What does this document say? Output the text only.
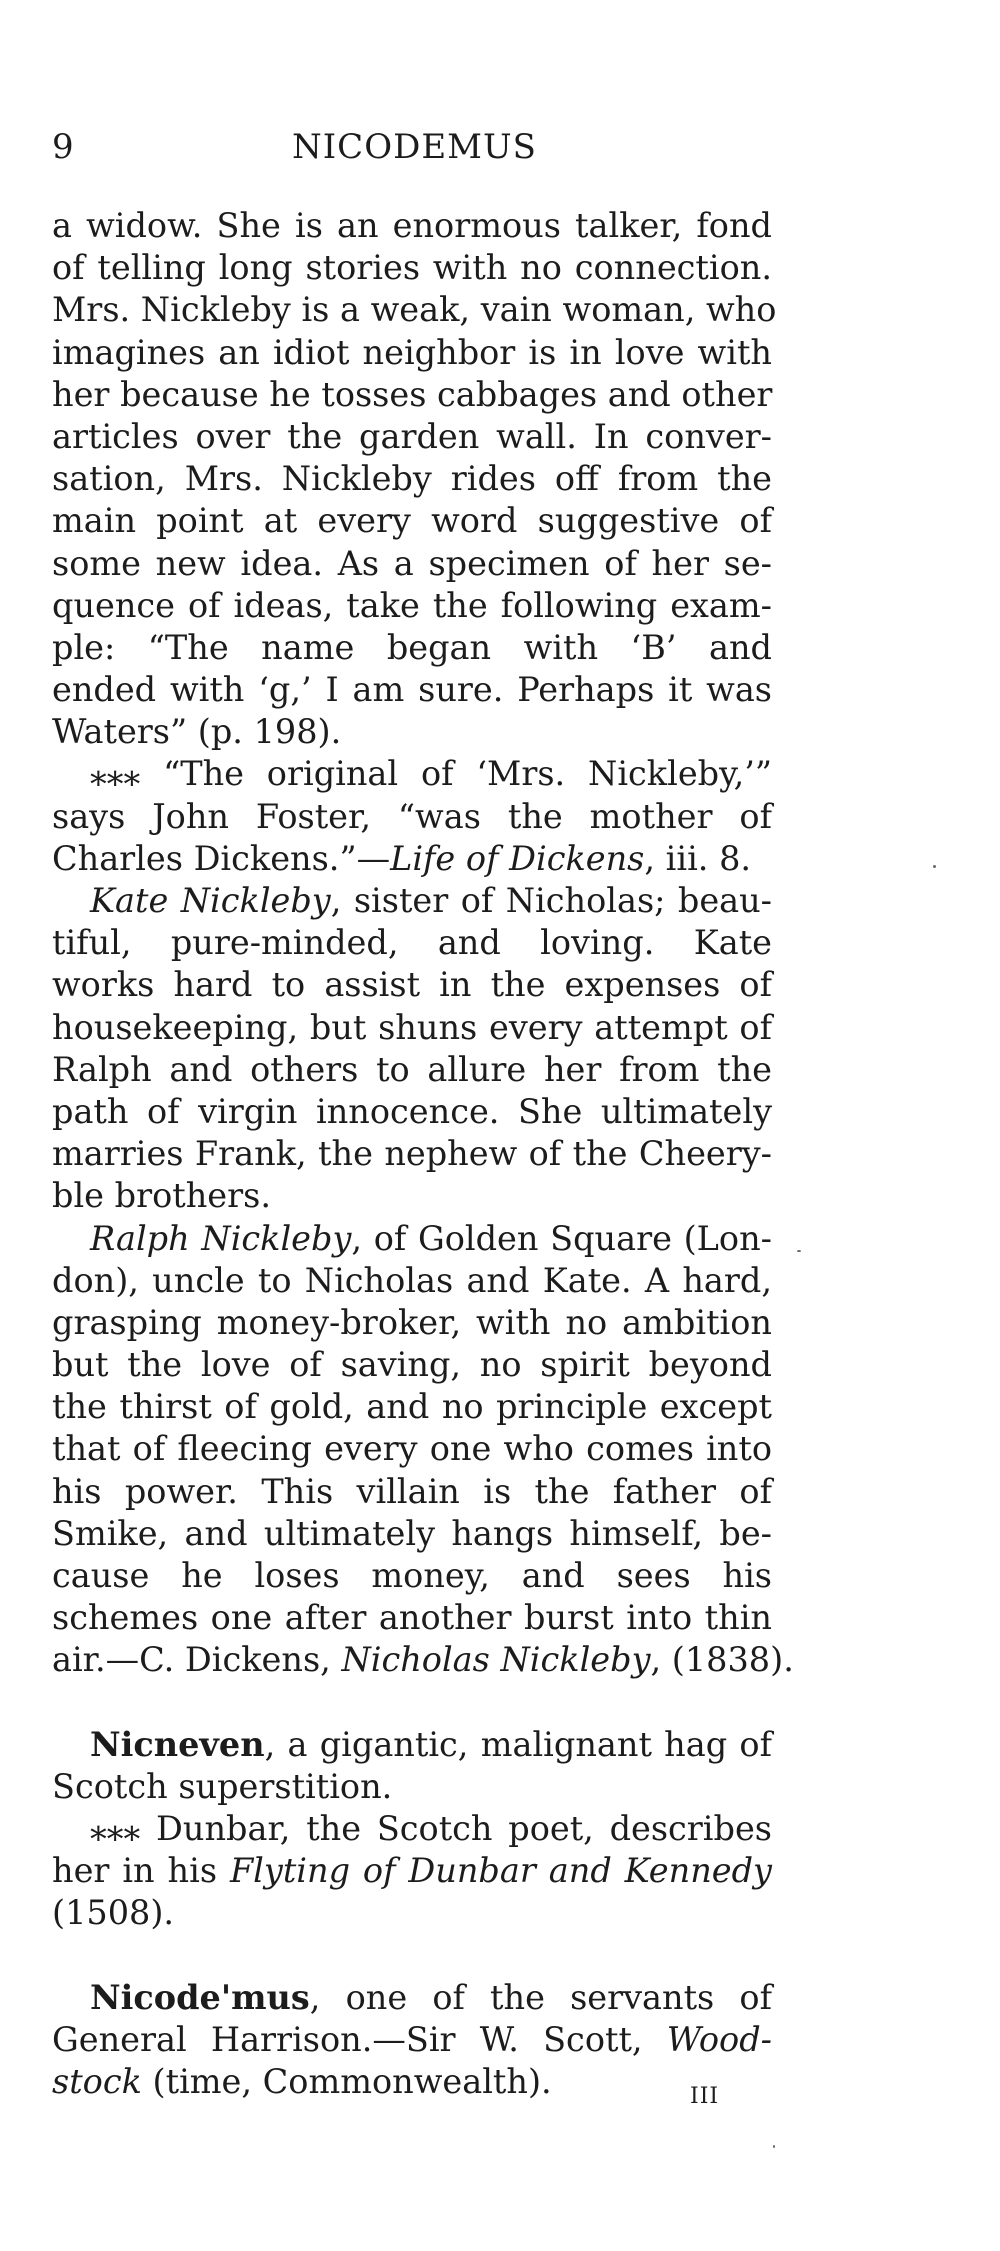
9	NICODEMUS
a widow. She is an enormous talker, fond
of telling long stories with no connection.
Mrs. Nickleby is a weak, vain woman, who
imagines an idiot neighbor is in love with
her because he tosses cabbages and other
articles over the garden wall. In conver-
sation, Mrs. Nickleby rides off from the
main point at every word suggestive of
some new idea. As a specimen of her se-
quence of ideas, take the following exam-
ple: “The name began with ‘B’ and
ended with ‘g,’ I am sure. Perhaps it was
Waters” (p. 198).
⁎⁎⁎ “The original of ‘Mrs. Nickleby,’”
says John Foster, “was the mother of
Charles Dickens.”—Life of Dickens, iii. 8.
Kate Nickleby, sister of Nicholas; beau-
tiful, pure-minded, and loving. Kate
works hard to assist in the expenses of
housekeeping, but shuns every attempt of
Ralph and others to allure her from the
path of virgin innocence. She ultimately
marries Frank, the nephew of the Cheery-
ble brothers.
Ralph Nickleby, of Golden Square (Lon-
don), uncle to Nicholas and Kate. A hard,
grasping money-broker, with no ambition
but the love of saving, no spirit beyond
the thirst of gold, and no principle except
that of fleecing every one who comes into
his power. This villain is the father of
Smike, and ultimately hangs himself, be-
cause he loses money, and sees his
schemes one after another burst into thin
air.—C. Dickens, Nicholas Nickleby, (1838).
Nicneven, a gigantic, malignant hag of
Scotch superstition.
⁎⁎⁎ Dunbar, the Scotch poet, describes
her in his Flyting of Dunbar and Kennedy
(1508).
Nicode'mus, one of the servants of
General Harrison.—Sir W. Scott, Wood-
stock (time, Commonwealth).	III
